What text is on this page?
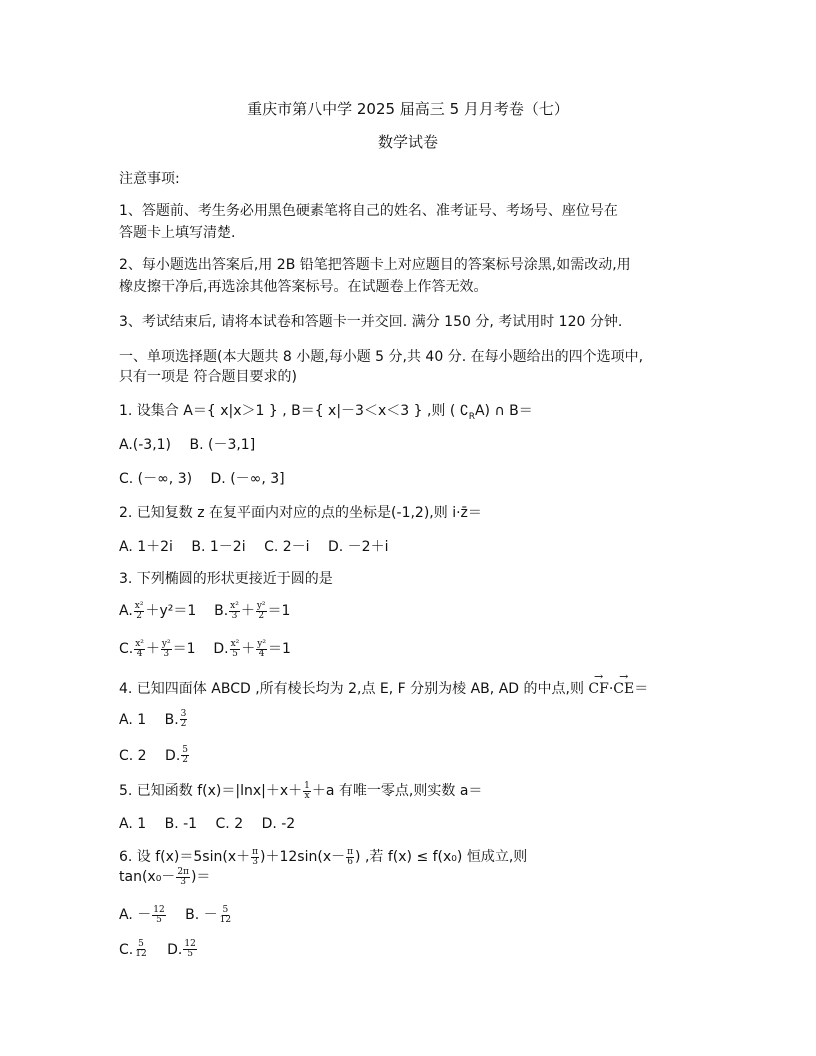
重庆市第八中学 2025 届高三 5 月月考卷（七）
数学试卷
注意事项:
1、答题前、考生务必用黑色硬素笔将自己的姓名、准考证号、考场号、座位号在
答题卡上填写清楚.
2、每小题选出答案后,用 2B 铅笔把答题卡上对应题目的答案标号涂黑,如需改动,用
橡皮擦干净后,再选涂其他答案标号。在试题卷上作答无效。
3、考试结束后, 请将本试卷和答题卡一并交回. 满分 150 分, 考试用时 120 分钟.
一、单项选择题(本大题共 8 小题,每小题 5 分,共 40 分. 在每小题给出的四个选项中,
只有一项是 符合题目要求的)
1. 设集合 A＝{ x|x＞1 } , B＝{ x|－3＜x＜3 } ,则 ( $∁_RA$) ∩ B＝
A.(-3,1) B. (－3,1]
C. (－∞, 3) D. (－∞, 3]
2. 已知复数 z 在复平面内对应的点的坐标是(-1,2),则 i·z̄＝
A. 1＋2i B. 1－2i C. 2－i D. －2＋i
3. 下列椭圆的形状更接近于圆的是
A. $\frac{\text{x²}}{2} +y^2=1$ B. $\frac{\text{x²}}{3} + \frac{\text{y²}}{2} =1$
C. $\frac{\text{x²}}{4} + \frac{\text{y²}}{3} =1$ D. $\frac{\text{x²}}{5} + \frac{\text{y²}}{4} =1$
4. 已知四面体 ABCD ,所有棱长均为 2,点 E, F 分别为棱 AB, AD 的中点,则 → CF·→ CE＝
A. 1 B. $\frac{3}{2}$
C. 2 D. $\frac{5}{2}$
5. 已知函数 $f(x)=|\ln x|+x+ \frac{1}{x} +a$ 有唯一零点,则实数 a＝
A. 1 B. -1 C. 2 D. -2
6. 设 $f(x)=5\sin(x+ \frac{\pi}{3} )+12\sin(x- \frac{\pi}{6}$ ) ,若 f(x) ≤ f(x₀) 恒成立,则
$\tan(x_0- \frac{2\pi}{3}$ )＝
A. － $\frac{12}{5} B$. － $\frac{5}{12}$
C. $\frac{5}{12} D$. $\frac{12}{5}$
